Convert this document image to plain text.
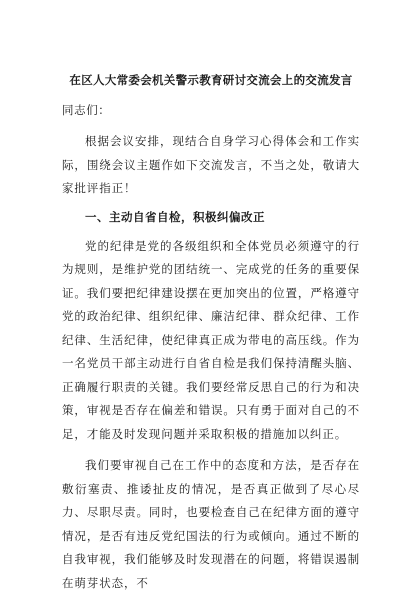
在区人大常委会机关警示教育研讨交流会上的交流发言
同志们：

根据会议安排，现结合自身学习心得体会和工作实际，围绕会议主题作如下交流发言，不当之处，敬请大家批评指正！

一、主动自省自检，积极纠偏改正

党的纪律是党的各级组织和全体党员必须遵守的行为规则，是维护党的团结统一、完成党的任务的重要保证。我们要把纪律建设摆在更加突出的位置，严格遵守党的政治纪律、组织纪律、廉洁纪律、群众纪律、工作纪律、生活纪律，使纪律真正成为带电的高压线。作为一名党员干部主动进行自省自检是我们保持清醒头脑、正确履行职责的关键。我们要经常反思自己的行为和决策，审视是否存在偏差和错误。只有勇于面对自己的不足，才能及时发现问题并采取积极的措施加以纠正。

我们要审视自己在工作中的态度和方法，是否存在敷衍塞责、推诿扯皮的情况，是否真正做到了尽心尽力、尽职尽责。同时，也要检查自己在纪律方面的遵守情况，是否有违反党纪国法的行为或倾向。通过不断的自我审视，我们能够及时发现潜在的问题，将错误遏制在萌芽状态，不
